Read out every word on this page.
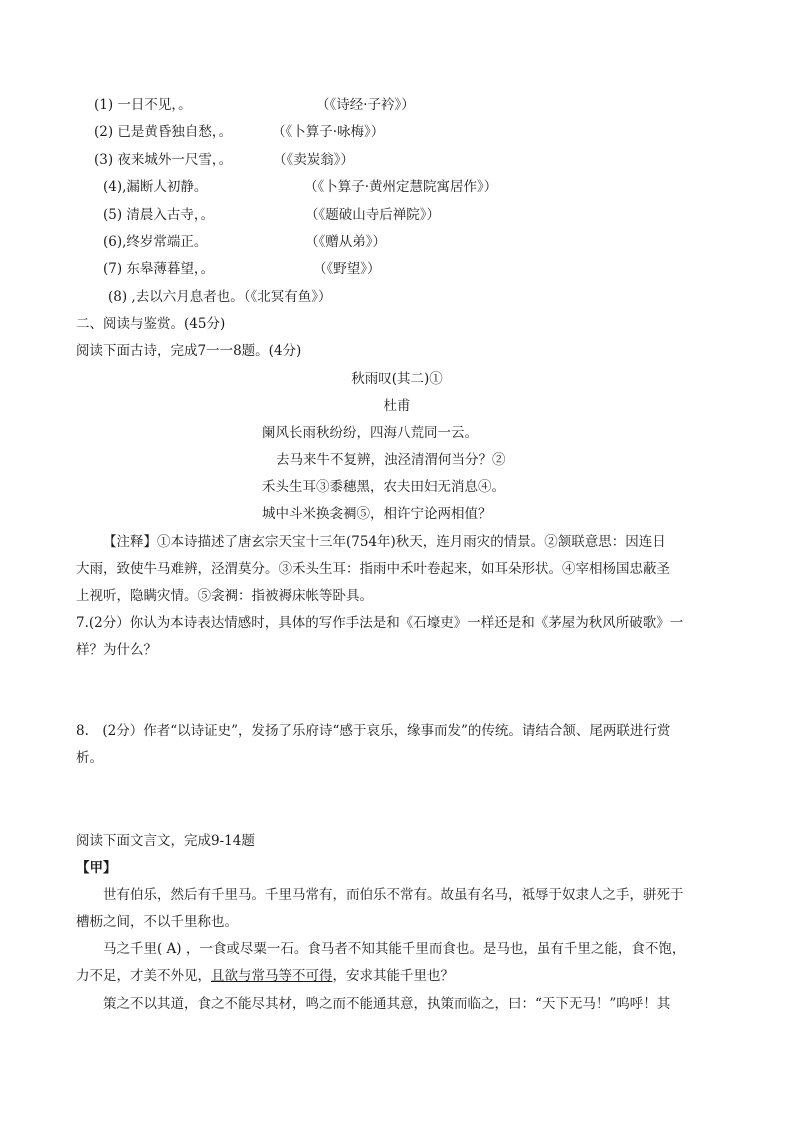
(1) 一日不见，。	（《诗经·子衿》）
(2) 已是黄昏独自愁，。	（《卜算子·咏梅》）
(3) 夜来城外一尺雪，。	（《卖炭翁》）
(4),漏断人初静。	（《卜算子·黄州定慧院寓居作》）
(5) 清晨入古寺，。	（《题破山寺后禅院》）
(6),终岁常端正。	（《赠从弟》）
(7) 东皋薄暮望，。	（《野望》）
(8) ,去以六月息者也。（《北冥有鱼》）
二、阅读与鉴赏。(45分)
阅读下面古诗，完成7一一8题。(4分)
秋雨叹(其二)①
杜甫
阑风长雨秋纷纷，四海八荒同一云。
去马来牛不复辨，浊泾清渭何当分？②
禾头生耳③黍穗黑，农夫田妇无消息④。
城中斗米换衾裯⑤，相许宁论两相值？
【注释】①本诗描述了唐玄宗天宝十三年(754年)秋天，连月雨灾的情景。②颔联意思：因连日
大雨，致使牛马难辨，泾渭莫分。③禾头生耳：指雨中禾叶卷起来，如耳朵形状。④宰相杨国忠蔽圣
上视听，隐瞒灾情。⑤衾裯：指被褥床帐等卧具。
7.(2分）你认为本诗表达情感时，具体的写作手法是和《石壕吏》一样还是和《茅屋为秋风所破歌》一
样？为什么？
8.　(2分）作者“以诗证史”，发扬了乐府诗“感于哀乐，缘事而发”的传统。请结合颔、尾两联进行赏
析。
阅读下面文言文，完成9-14题
【甲】
世有伯乐，然后有千里马。千里马常有，而伯乐不常有。故虽有名马，祗辱于奴隶人之手，骈死于
槽枥之间，不以千里称也。
马之千里( A) ，一食或尽粟一石。食马者不知其能千里而食也。是马也，虽有千里之能，食不饱，
力不足，才美不外见，且欲与常马等不可得，安求其能千里也？
策之不以其道，食之不能尽其材，鸣之而不能通其意，执策而临之，曰：“天下无马！”呜呼！其
